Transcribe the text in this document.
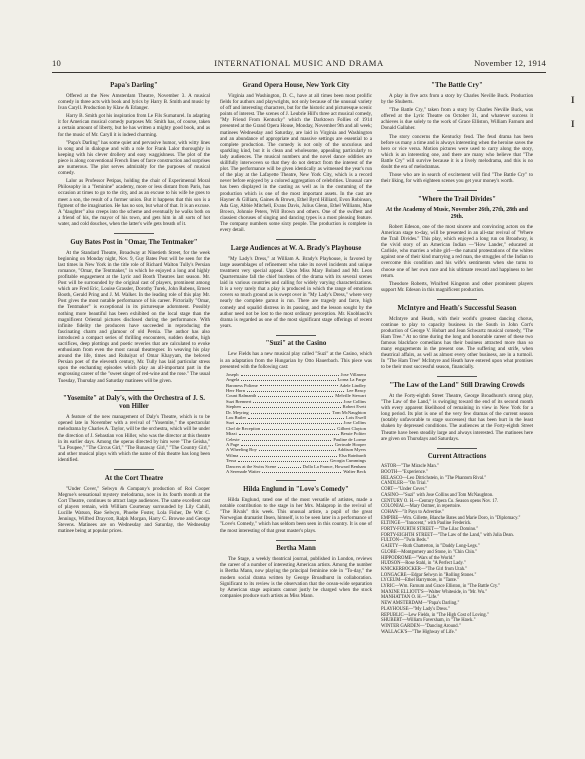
10	INTERNATIONAL MUSIC AND DRAMA	November 12, 1914
Papa's Darling"

Offered at the New Amsterdam Theatre, November 3. A musical comedy in three acts with book and lyrics by Harry B. Smith and music by Ivan Caryll. Production by Klaw & Erlanger.

Harry B. Smith got his inspiration from Le Fils Surnaturel. In adapting it for American musical comedy purposes Mr. Smith has, of course, taken a certain amount of liberty, but he has written a mighty good book, and as for the music of Mr. Caryll it is indeed charming.

"Papa's Darling" has some quiet and pervasive humor, with witty lines in song and in dialogue and with a role for Frank Lalor thoroughly in keeping with his clever drollery and easy waggishness. The plot of the piece is along conventional French lines of farce construction and surprises are numerous. The plot serves admirably for the purposes of musical comedy.

Lalor as Professor Petipas, holding the chair of Experimental Moral Philosophy in a "feminine" academy, more or less distant from Paris, has occasion at times to go to the city, and as an excuse to his wife he goes to meet a son, the result of a former union. But it happens that this son is a figment of the imagination. He has no son, but what of that. It is an excuse. A "daughter" also creeps into the scheme and eventually he walks both on a friend of his, the mayor of his town, and gets him in all sorts of hot water, and cold douches, when the latter's wife gets breath of it.

Guy Bates Post in "Omar, The Tentmaker"

At the Standard Theatre, Broadway at Ninetieth Street, for the week beginning on Monday night, Nov. 9, Guy Bates Post will be seen for the last times in New York in the title role of Richard Walton Tully's Persian romance, "Omar, the Tentmaker," in which he enjoyed a long and highly profitable engagement at the Lyric and Booth Theatres last season. Mr. Post will be surrounded by the original cast of players, prominent among which are Fred Eric, Louise Grassler, Dorothy Turek, John Rubens, Ernest Booth, Gerald Pring and J. M. Walker. In the leading role of this play Mr. Post gives the most notable performance of his career. Pictorially "Omar, the Tentmaker" is exceptional in its picturesque adornment. Possibly nothing more beautiful has been exhibited on the local stage than the magnificent Oriental pictures disclosed during the performance. With infinite fidelity the producers have succeeded in reproducing the fascinating charm and glamour of old Persia. The author has also introduced a compact series of thrilling encounters, sudden deaths, high sacrifices, deep plottings and poetic reveries that are calculated to evoke enthusiasm from even the most casual theatregoer. In weaving his play around the life, times and Rubaiyat of Omar Khayyam, the beloved Persian poet of the eleventh century, Mr. Tully has laid particular stress upon the enchanting episodes which play an all-important part in the engrossing career of the "sweet singer of red-wine and the rose." The usual Tuesday, Thursday and Saturday matinees will be given.

"Yosemite" at Daly's, with the Orchestra of J. S. von Hiller

A feature of the new management of Daly's Theatre, which is to be opened late in November with a revival of "Yosemite," the spectacular melodrama by Charles A. Taylor, will be the orchestra, which will be under the direction of J. Sebastian von Hiller, who was the director at this theatre in its earlier days. Among the operas directed by him were "The Geisha," "La Poupee," "The Circus Girl," "The Runaway Girl," "The Country Girl," and other musical plays with which the name of this theatre has long been identified.

At the Cort Theatre

"Under Cover," Selwyn & Company's production of Roi Cooper Megrue's sensational mystery melodrama, now in its fourth month at the Cort Theatre, continues to attract large audiences. The same excellent cast of players remain, with William Courtenay surrounded by Lily Cahill, Lucille Watson, Rae Selwyn, Phoebe Foster, Lola Fisher, De Witt C. Jennings, Wilfred Draycott, Ralph Morgan, Harry C. Browne and George Stevens. Matinees are on Wednesday and Saturday, the Wednesday matinee being at popular prices.

Grand Opera House, New York City

Virginia and Washington, D. C., have at all times been most prolific fields for authors and playwrights, not only because of the unusual variety of off and interesting characters, but for the historic and picturesque scenic points of interest. The scenes of J. Leubrie Hill's three act musical comedy, "My Friend From Kentucky" which the Darktown Follies of 1914 presented at the Grand Opera House, Monday, November 9th and all week; matinees Wednesday and Saturday, are laid in Virginia and Washington and an abundance of appropriate and massive settings are essential to a complete production. The comedy is not only of the uncurious and sparkling kind, but it is clean and wholesome, appealing particularly to lady audiences. The musical numbers and the novel dance oddities are skillfully interwoven so that they do not detract from the interest of the plot. The performance will be given identically as witnessed the year's run of the play at the Lafayette Theatre, New York City, which is a record never before enjoyed by a colored aggregation of celebrities. Unusual care has been displayed in the casting as well as in the costuming of the production which is one of the most important assets. In the cast are Hayner & Gilliam, Gaines & Brown, Ethel Byrd Hilliard, Evon Robinson, Ada Gay, Abbie Mitchell, Evans Davis, Julius Glenn, Ethel Williams, Mae Brown, Johnnie Peters, Will Brown and others. One of the swiftest and classiest choruses of singing and dancing types is a most pleasing feature. The company numbers some sixty people. The production is complete in every detail.

Large Audiences at W. A. Brady's Playhouse

"My Lady's Dress," at William A. Brady's Playhouse, is favored by large assemblages of refinement who take its novel incidents and unique treatment very special appeal. Upon Miss Mary Boland and Mr. Leon Quartermaine fall the chief burdens of the drama with its several scenes laid in various countries and calling for widely varying characterizations. It is a very rarely that a play is produced in which the range of emotions covers so much ground as is swept over in "My Lady's Dress," where very nearly the complete gamut is run. There are tragedy and farce, high comedy and squalid distress in its passing, and the lesson sought by the author need not be lost to the most ordinary perception. Mr. Knoblauch's drama is regarded as one of the most significant stage offerings of recent years.

"Suzi" at the Casino

Lew Fields has a new musical play called "Suzi" at the Casino, which is an adaptation from the Hungarian by Otto Hauerbach. This piece was presented with the following cast:

Joseph	Jose Villasera
Angela	Lorna La Farge
Baroness Poliene	Adele Lindley
Herr Horn	Lee Beacy
Count Ralmanth	Melville Stewart
Suzi Brennert	Jose Collins
Stephen	Robert Evett
Dr. Meyring	Tom McNaughton
Lou Butler	Lois Ewell
Suzi	Jose Collins
Chef de Reception	Gilbert Clayton
Mizzi	Bessie Politer
Celeste	Pauline de Lorme
A Page	Gertrude Hooper
A Wheeling Boy	Addison Myers
Wilma	Elsa Rainbardt
Tessa	Georgia Cummings
Dancers at the Swiss Scene	Dolla La France, Howard Benham
A Serenade Waiter	Walter Beck
Hilda Englund in "Love's Comedy"

Hilda Englund, rated one of the most versatile of artistes, made a notable contribution to the stage in her Mrs. Malaprop in the revival of "The Rivals" this week. This unusual artiste, a pupil of the great Norwegian dramatist Ibsen, himself, is to be seen later in a performance of "Love's Comedy," which has seldom been seen in this country. It is one of the most interesting of that great master's plays.

Bertha Mann

The Stage, a weekly theatrical journal, published in London, reviews the career of a number of interesting American artists. Among the number is Bertha Mann, now playing the principal feminine role in "To-day," the modern social drama written by George Broadhurst in collaboration. Significant to its review is the observation that the ocean-wide separation by American stage aspirants cannot justly be charged when the stock companies produce such artists as Miss Mann.

"The Battle Cry"

A play in five acts from a story by Charles Neville Buck. Production by the Shuberts.

"The Battle Cry," taken from a story by Charles Neville Buck, was offered at the Lyric Theatre on October 31, and whatever success it achieves is due solely to the work of Grace Elliston, William Farnum and Donald Gallaher.

The story concerns the Kentucky feud. The feud drama has been before us many a time and is always interesting when the heroine saves the hero or vice versa. Motion pictures were used to carry along the story, which is an interesting one, and there are many who believe that "The Battle Cry" will survive because it is a lively melodrama, and this is no doubt the era of melodramas.

Those who are in search of excitement will find "The Battle Cry" to their liking, for with eighteen scenes you get your money's worth.

"Where the Trail Divides"
At the Academy of Music, November 26th, 27th, 28th and 29th.

Robert Edeson, one of the most sincere and convincing actors on the American stage to-day, will be presented in an all-star revival of "Where the Trail Divides." This play, which enjoyed a long run on Broadway, is the vivid story of an American Indian —"How Lander," educated at Carlisle, who marries a white girl—the natural protestations of the whites against one of their kind marrying a red man, the struggles of the Indian to overcome this condition and his wife's sentiments when she turns to choose one of her own race and his ultimate reward and happiness to her return.

Theodore Roberts, Winifred Kingston and other prominent players support Mr. Edeson in this magnificent production.

McIntyre and Heath's Successful Season

McIntyre and Heath, with their world's greatest dancing chorus, continue to play to capacity business in the South in John Cort's production of George V. Hobart and Jean Schwartz musical comedy, "The Ham Tree." At no time during the long and honorable career of these two famous blackface comedians has their business attracted more than so many engagements in the present one. The suffering and strife, when theatrical affairs, as well as almost every other business, are in a turmoil. In "The Ham Tree" McIntyre and Heath have entered upon what promises to be their most successful season, financially.

"The Law of the Land" Still Drawing Crowds

At the Forty-eighth Street Theatre, George Broadhurst's strong play, "The Law of the Land," is swinging toward the end of its second month with every apparent likelihood of remaining in view in New York for a long period. Its plot is one of the very few dramas of the current season (notably unfavorable to stage successes) that has been hurt in the least shaken by depressed conditions. The audiences at the Forty-eighth Street Theatre have been steadily large and always interested. The matinees here are given on Thursdays and Saturdays.

Current Attractions

ASTOR—"The Miracle Man."

BOOTH—"Experience."

BELASCO—Leo Ditrichstein, in "The Phantom Rival."

CANDLER—"On Trial."

CORT—"Under Cover."

CASINO—"Suzi" with Jose Collins and Tom McNaughton.

CENTURY O. H.—Century Opera Co. Season opens Nov. 17.

COLONIAL—Mary Ostmer, in repertoire.

COHAN—"It Pays to Advertise."

EMPIRE—Wm. Gillette, Blanche Bates and Marie Doro, in "Diplomacy."

ELTINGE—"Innocent," with Pauline Frederick.

FORTY-FOURTH STREET—"The Lilac Domino."

FORTY-EIGHTH STREET—"The Law of the Land," with Julia Dean.

FULTON—"Twin Beds."

GAIETY—Ruth Chatterton, in "Daddy Long-Legs."

GLOBE—Montgomery and Stone, in "Chin Chin."

HIPPODROME—"Wars of the World."

HUDSON—Rose Stahl, in "A Perfect Lady."

KNICKERBOCKER—"The Girl from Utah."

LONGACRE—Edgar Selwyn in "Rolling Stones."

LYCEUM—Ethel Barrymore, in "Tante."

LYRIC—Wm. Farnum and Grace Elliston, in "The Battle Cry."

MAXINE ELLIOTT'S—Walter Whiteside, in "Mr. Wu."

MANHATTAN O. H.—"Life."

NEW AMSTERDAM—"Papa's Darling."

PLAYHOUSE—"My Lady's Dress."

REPUBLIC—Lew Fields, in "The High Cost of Loving."

SHUBERT—William Faversham, in "The Hawk."

WINTER GARDEN—"Dancing Around."

WALLACK'S—"The Highway of Life."

I
I
